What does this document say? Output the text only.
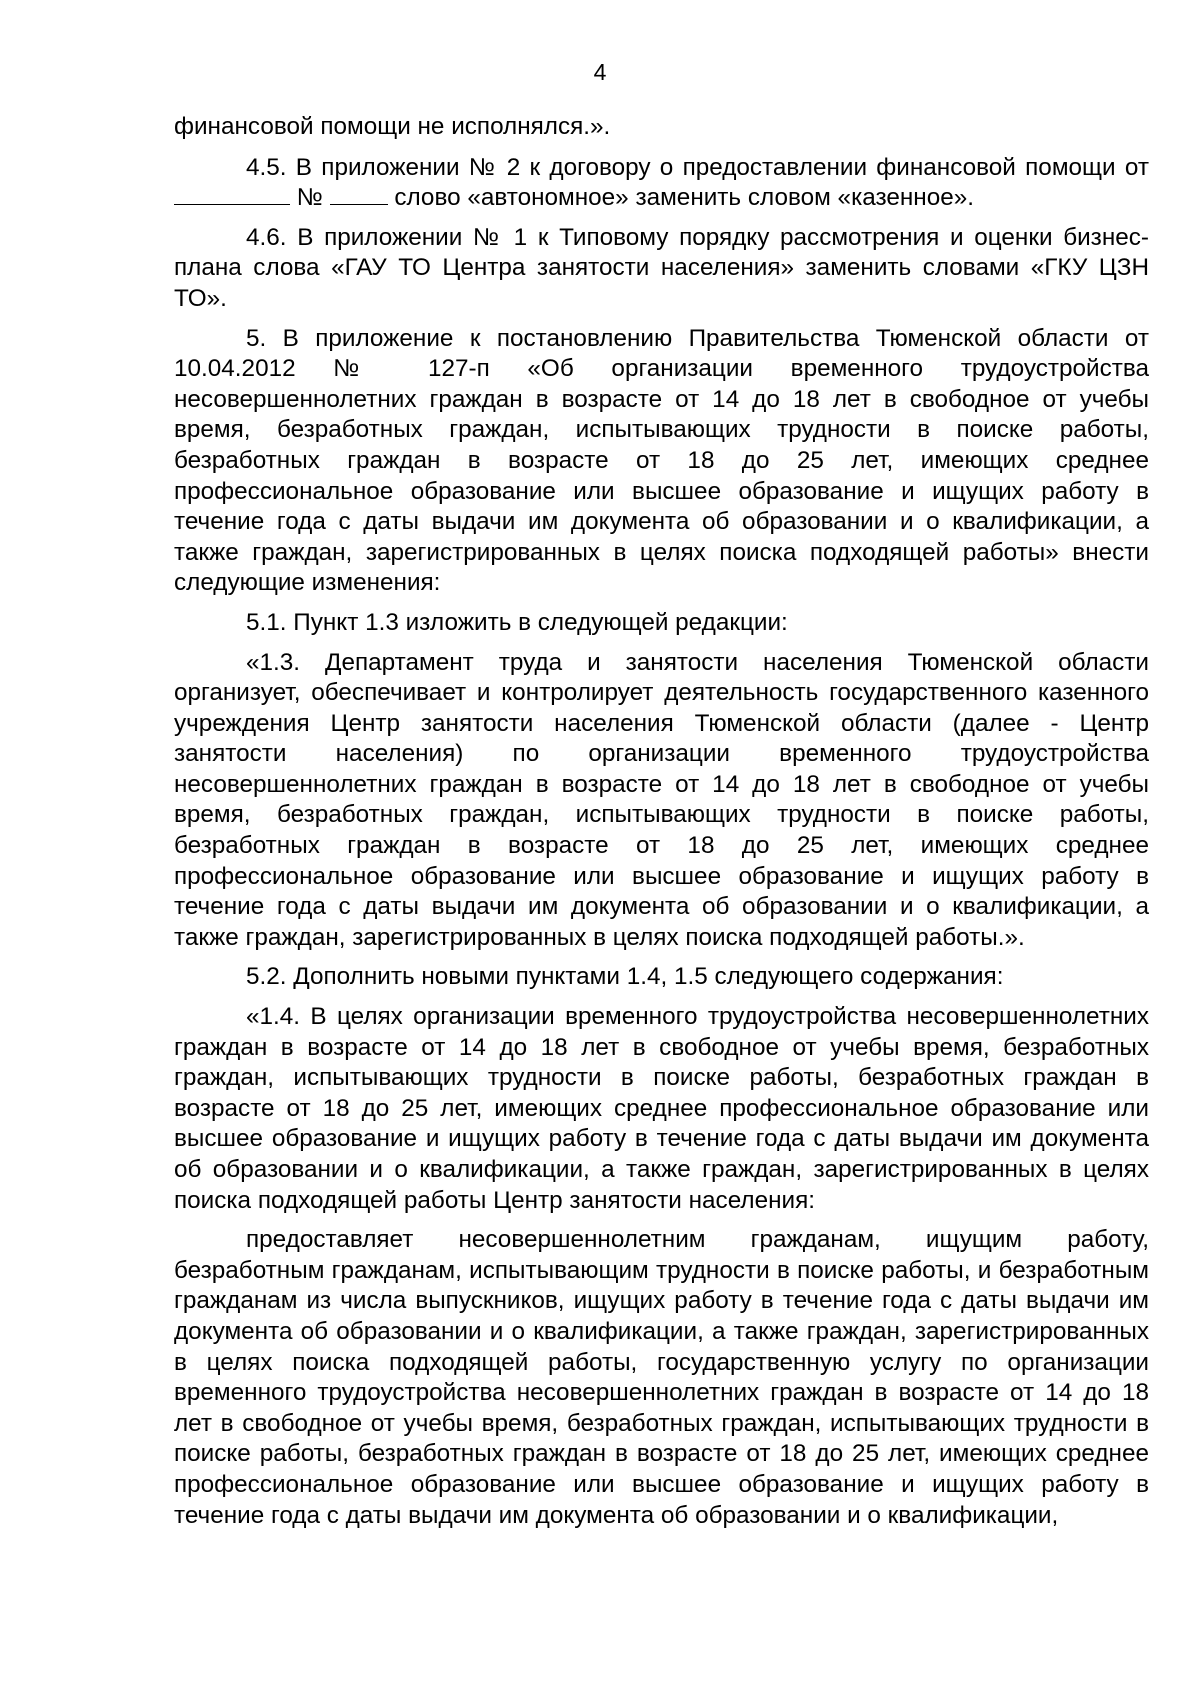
4

финансовой помощи не исполнялся.».

4.5. В приложении № 2 к договору о предоставлении финансовой помощи от  №  слово «автономное» заменить словом «казенное».

4.6. В приложении № 1 к Типовому порядку рассмотрения и оценки бизнес-плана слова «ГАУ ТО Центра занятости населения» заменить словами «ГКУ ЦЗН ТО».

5. В приложение к постановлению Правительства Тюменской области от 10.04.2012 № 127-п «Об организации временного трудоустройства несовершеннолетних граждан в возрасте от 14 до 18 лет в свободное от учебы время, безработных граждан, испытывающих трудности в поиске работы, безработных граждан в возрасте от 18 до 25 лет, имеющих среднее профессиональное образование или высшее образование и ищущих работу в течение года с даты выдачи им документа об образовании и о квалификации, а также граждан, зарегистрированных в целях поиска подходящей работы» внести следующие изменения:

5.1. Пункт 1.3 изложить в следующей редакции:

«1.3. Департамент труда и занятости населения Тюменской области организует, обеспечивает и контролирует деятельность государственного казенного учреждения Центр занятости населения Тюменской области (далее - Центр занятости населения) по организации временного трудоустройства несовершеннолетних граждан в возрасте от 14 до 18 лет в свободное от учебы время, безработных граждан, испытывающих трудности в поиске работы, безработных граждан в возрасте от 18 до 25 лет, имеющих среднее профессиональное образование или высшее образование и ищущих работу в течение года с даты выдачи им документа об образовании и о квалификации, а также граждан, зарегистрированных в целях поиска подходящей работы.».

5.2. Дополнить новыми пунктами 1.4, 1.5 следующего содержания:

«1.4. В целях организации временного трудоустройства несовершеннолетних граждан в возрасте от 14 до 18 лет в свободное от учебы время, безработных граждан, испытывающих трудности в поиске работы, безработных граждан в возрасте от 18 до 25 лет, имеющих среднее профессиональное образование или высшее образование и ищущих работу в течение года с даты выдачи им документа об образовании и о квалификации, а также граждан, зарегистрированных в целях поиска подходящей работы Центр занятости населения:

предоставляет несовершеннолетним гражданам, ищущим работу, безработным гражданам, испытывающим трудности в поиске работы, и безработным гражданам из числа выпускников, ищущих работу в течение года с даты выдачи им документа об образовании и о квалификации, а также граждан, зарегистрированных в целях поиска подходящей работы, государственную услугу по организации временного трудоустройства несовершеннолетних граждан в возрасте от 14 до 18 лет в свободное от учебы время, безработных граждан, испытывающих трудности в поиске работы, безработных граждан в возрасте от 18 до 25 лет, имеющих среднее профессиональное образование или высшее образование и ищущих работу в течение года с даты выдачи им документа об образовании и о квалификации,
